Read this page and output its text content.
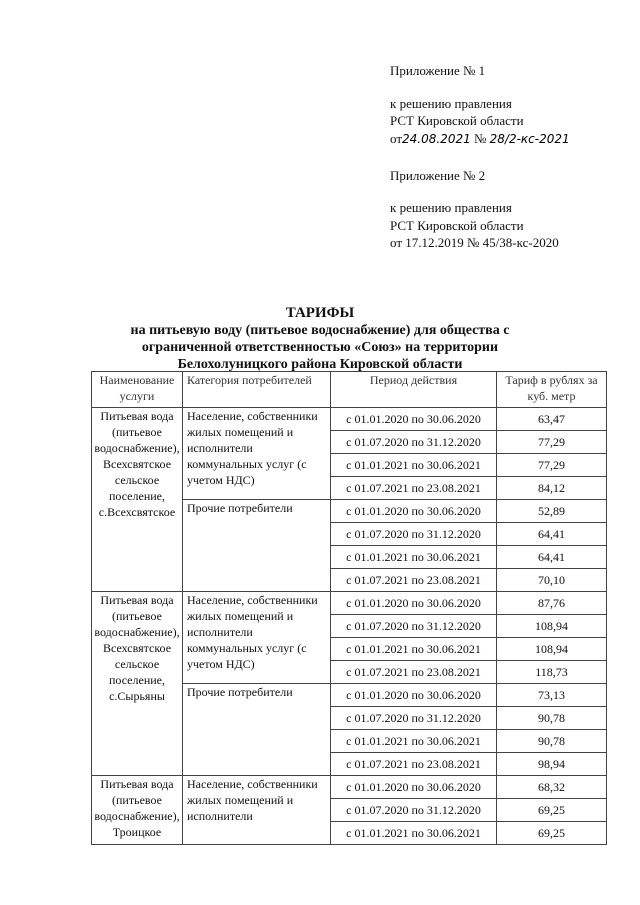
Приложение № 1
к решению правления
РСТ Кировской области
от24.08.2021 № 28/2-кс-2021
Приложение № 2
к решению правления
РСТ Кировской области
от 17.12.2019 № 45/38-кс-2020
ТАРИФЫ
на питьевую воду (питьевое водоснабжение) для общества с
ограниченной ответственностью «Союз» на территории
Белохолуницкого района Кировской области
Наименование услуги	Категория потребителей	Период действия	Тариф в рублях за куб. метр
Питьевая вода (питьевое водоснабжение), Всехсвятское сельское поселение, с.Всехсвятское	Население, собственники жилых помещений и исполнители коммунальных услуг (с учетом НДС)	с 01.01.2020 по 30.06.2020	63,47
		с 01.07.2020 по 31.12.2020	77,29
		с 01.01.2021 по 30.06.2021	77,29
		с 01.07.2021 по 23.08.2021	84,12
	Прочие потребители	с 01.01.2020 по 30.06.2020	52,89
		с 01.07.2020 по 31.12.2020	64,41
		с 01.01.2021 по 30.06.2021	64,41
		с 01.07.2021 по 23.08.2021	70,10
Питьевая вода (питьевое водоснабжение), Всехсвятское сельское поселение, с.Сырьяны	Население, собственники жилых помещений и исполнители коммунальных услуг (с учетом НДС)	с 01.01.2020 по 30.06.2020	87,76
		с 01.07.2020 по 31.12.2020	108,94
		с 01.01.2021 по 30.06.2021	108,94
		с 01.07.2021 по 23.08.2021	118,73
	Прочие потребители	с 01.01.2020 по 30.06.2020	73,13
		с 01.07.2020 по 31.12.2020	90,78
		с 01.01.2021 по 30.06.2021	90,78
		с 01.07.2021 по 23.08.2021	98,94
Питьевая вода (питьевое водоснабжение), Троицкое	Население, собственники жилых помещений и исполнители	с 01.01.2020 по 30.06.2020	68,32
		с 01.07.2020 по 31.12.2020	69,25
		с 01.01.2021 по 30.06.2021	69,25
